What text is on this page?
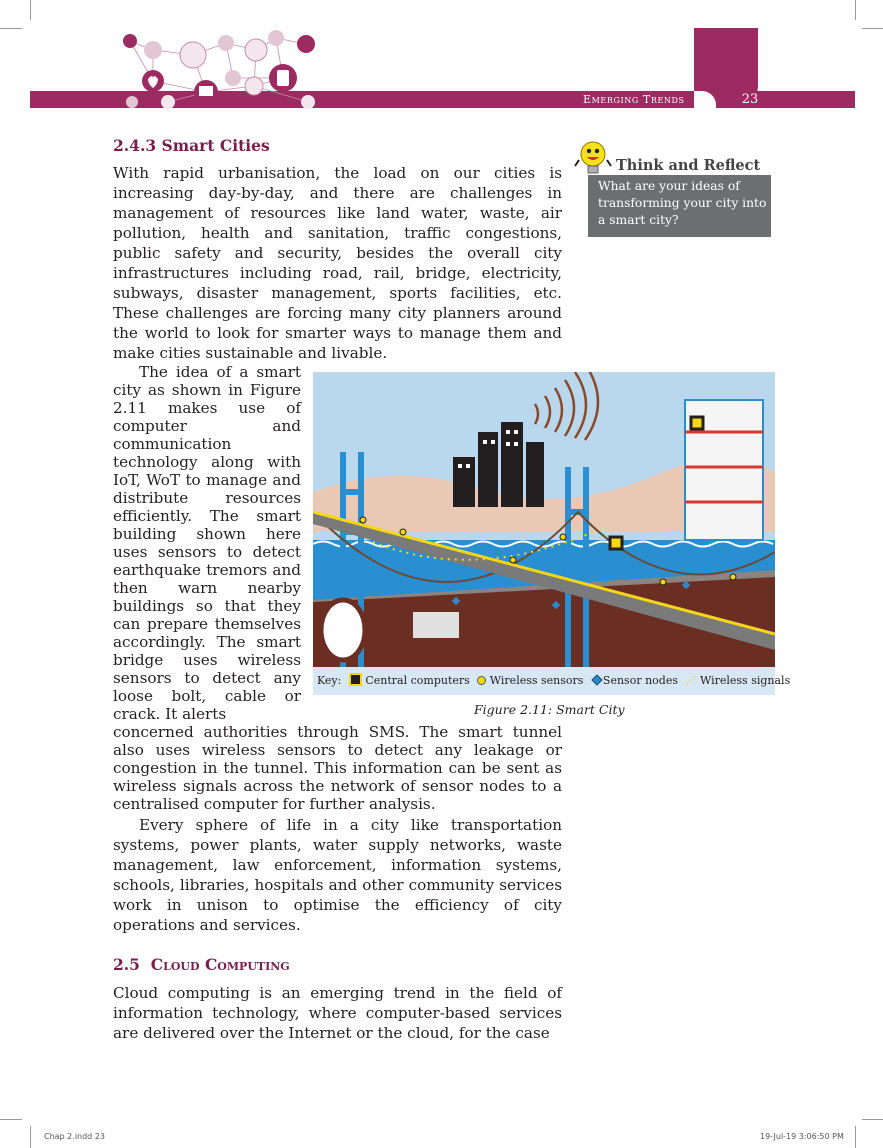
Emerging Trends	23
2.4.3 Smart Cities

With rapid urbanisation, the load on our cities is increasing day-by-day, and there are challenges in management of resources like land water, waste, air pollution, health and sanitation, traffic congestions, public safety and security, besides the overall city infrastructures including road, rail, bridge, electricity, subways, disaster management, sports facilities, etc. These challenges are forcing many city planners around the world to look for smarter ways to manage them and make cities sustainable and livable.

Think and Reflect
What are your ideas of transforming your city into a smart city?

The idea of a smart city as shown in Figure 2.11 makes use of computer and communication technology along with IoT, WoT to manage and distribute resources efficiently. The smart building shown here uses sensors to detect earthquake tremors and then warn nearby buildings so that they can prepare themselves accordingly. The smart bridge uses wireless sensors to detect any loose bolt, cable or crack. It alerts

Key: Central computers Wireless sensors Sensor nodes ⋰ Wireless signals
Figure 2.11: Smart City

concerned authorities through SMS. The smart tunnel also uses wireless sensors to detect any leakage or congestion in the tunnel. This information can be sent as wireless signals across the network of sensor nodes to a centralised computer for further analysis.

Every sphere of life in a city like transportation systems, power plants, water supply networks, waste management, law enforcement, information systems, schools, libraries, hospitals and other community services work in unison to optimise the efficiency of city operations and services.

2.5 Cloud Computing

Cloud computing is an emerging trend in the field of information technology, where computer-based services are delivered over the Internet or the cloud, for the case

Chap 2.indd 23	19-Jul-19 3:06:50 PM
